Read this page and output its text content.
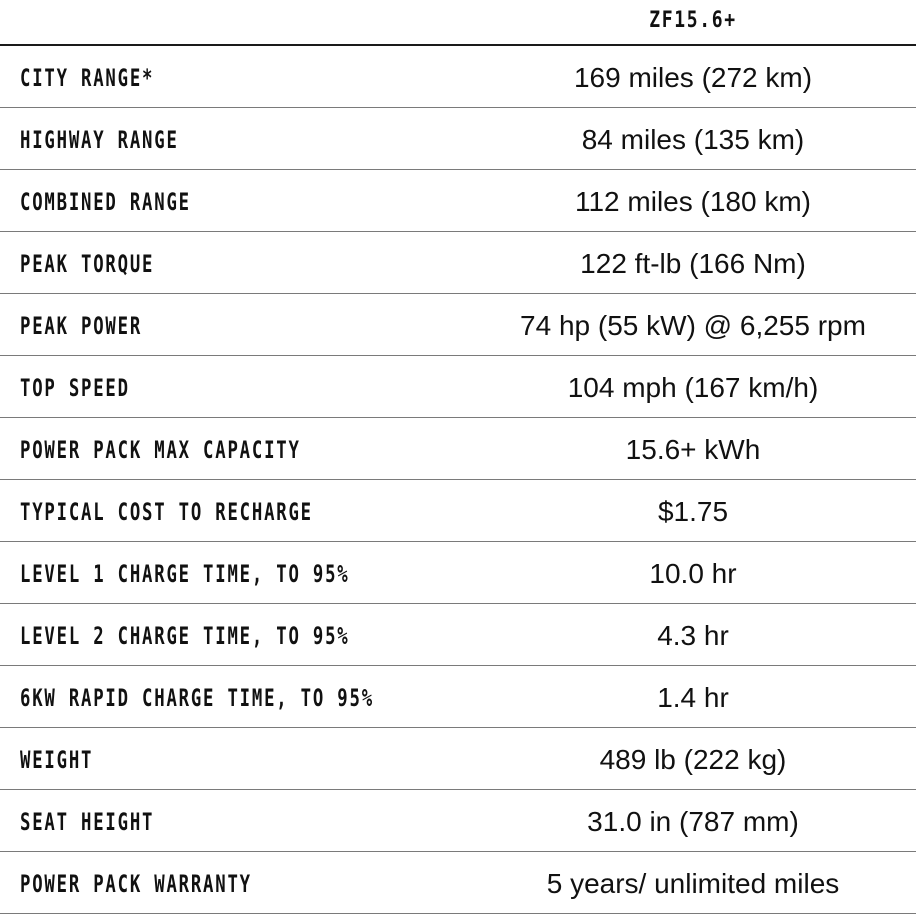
ZF15.6+
CITY RANGE*	169 miles (272 km)
HIGHWAY RANGE	84 miles (135 km)
COMBINED RANGE	112 miles (180 km)
PEAK TORQUE	122 ft-lb (166 Nm)
PEAK POWER	74 hp (55 kW) @ 6,255 rpm
TOP SPEED	104 mph (167 km/h)
POWER PACK MAX CAPACITY	15.6+ kWh
TYPICAL COST TO RECHARGE	$1.75
LEVEL 1 CHARGE TIME, TO 95%	10.0 hr
LEVEL 2 CHARGE TIME, TO 95%	4.3 hr
6KW RAPID CHARGE TIME, TO 95%	1.4 hr
WEIGHT	489 lb (222 kg)
SEAT HEIGHT	31.0 in (787 mm)
POWER PACK WARRANTY	5 years/ unlimited miles
